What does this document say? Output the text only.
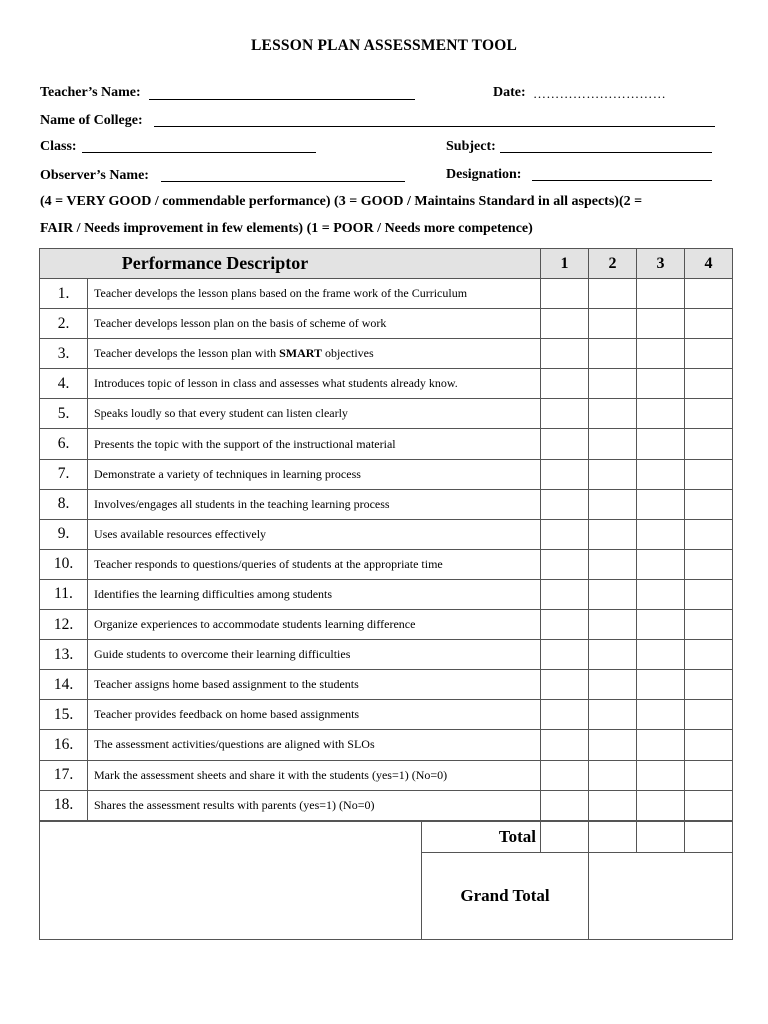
LESSON PLAN ASSESSMENT TOOL
Teacher’s Name:	Date: …………………………
Name of College:
Class:	Subject:
Observer’s Name:	Designation:
(4 = VERY GOOD / commendable performance) (3 = GOOD / Maintains Standard in all aspects)(2 =
FAIR / Needs improvement in few elements) (1 = POOR / Needs more competence)
Performance Descriptor		1	2	3	4
1.	Teacher develops the lesson plans based on the frame work of the Curriculum				
2.	Teacher develops lesson plan on the basis of scheme of work				
3.	Teacher develops the lesson plan with SMART objectives				
4.	Introduces topic of lesson in class and assesses what students already know.				
5.	Speaks loudly so that every student can listen clearly				
6.	Presents the topic with the support of the instructional material				
7.	Demonstrate a variety of techniques in learning process				
8.	Involves/engages all students in the teaching learning process				
9.	Uses available resources effectively				
10.	Teacher responds to questions/queries of students at the appropriate time				
11.	Identifies the learning difficulties among students				
12.	Organize experiences to accommodate students learning difference				
13.	Guide students to overcome their learning difficulties				
14.	Teacher assigns home based assignment to the students				
15.	Teacher provides feedback on home based assignments				
16.	The assessment activities/questions are aligned with SLOs				
17.	Mark the assessment sheets and share it with the students (yes=1) (No=0)				
18.	Shares the assessment results with parents (yes=1) (No=0)				
	Total				
	Grand Total				
